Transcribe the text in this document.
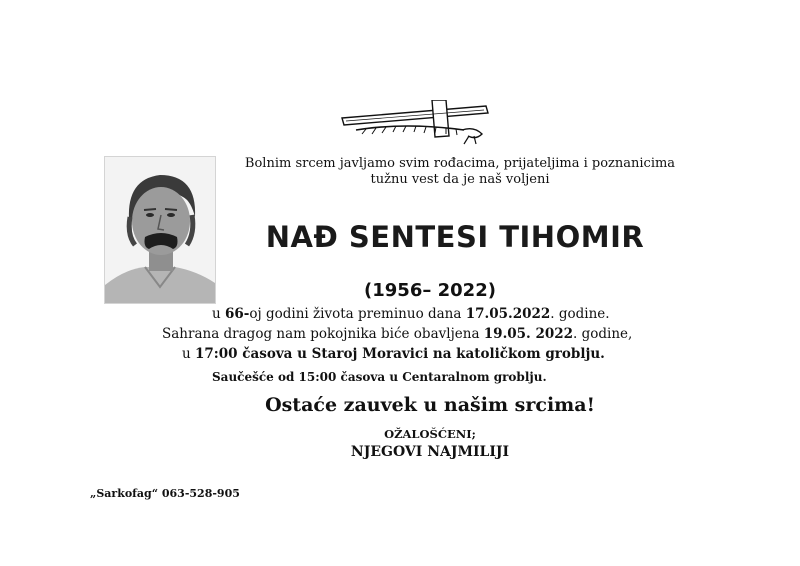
Bolnim srcem javljamo svim rođacima, prijateljima i poznanicima
tužnu vest da je naš voljeni
NAĐ SENTESI TIHOMIR
(1956– 2022)
u 66-oj godini života preminuo dana 17.05.2022. godine.
Sahrana dragog nam pokojnika biće obavljena 19.05. 2022. godine,
u 17:00 časova u Staroj Moravici na katoličkom groblju.
Saučešće od 15:00 časova u Centaralnom groblju.
Ostaće zauvek u našim srcima!
OŽALOŠĆENI;
NJEGOVI NAJMILIJI
„Sarkofag“ 063-528-905
